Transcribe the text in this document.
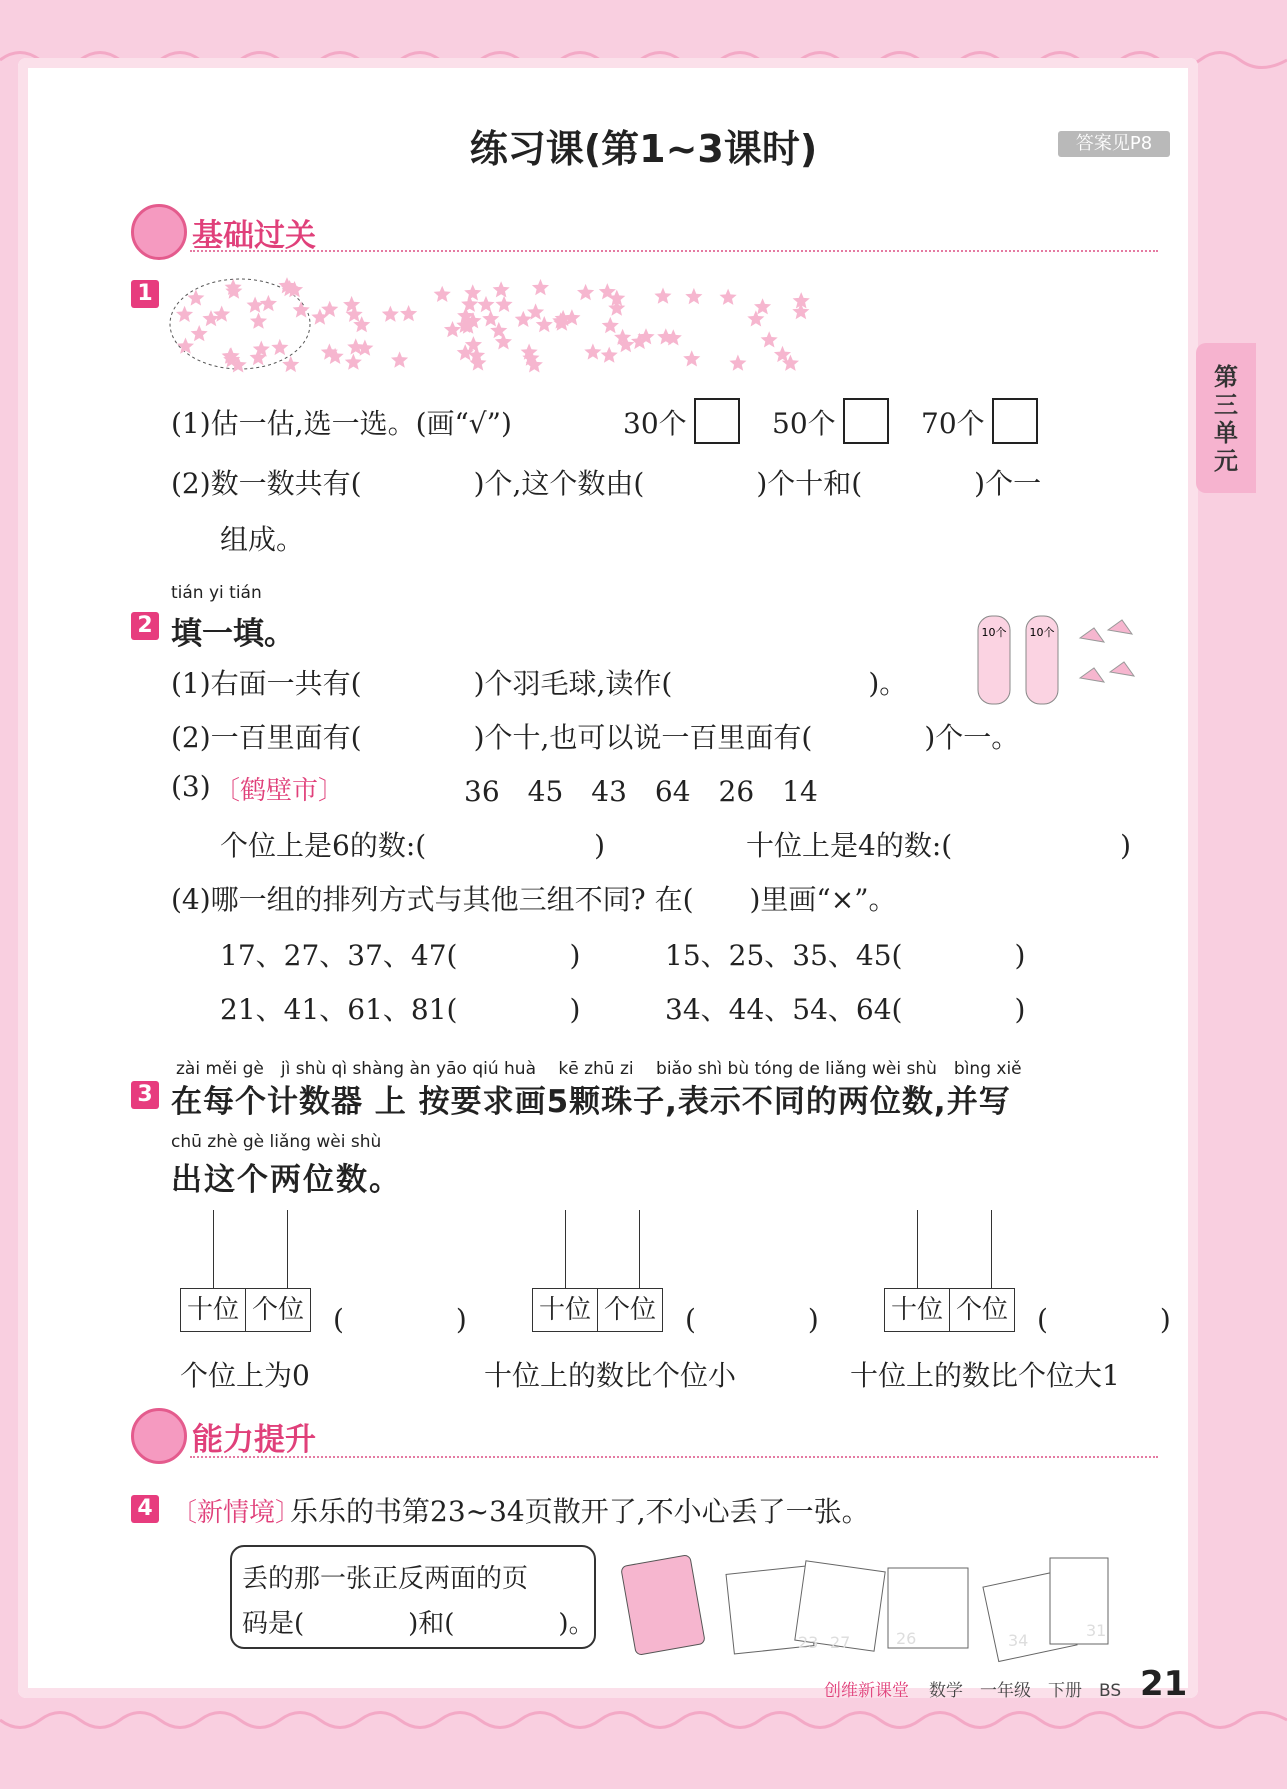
练习课(第1~3课时)	答案见P8
第三单元
基础过关
1
(1)估一估,选一选。(画“√”)	30个	50个	70个
(2)数一数共有(　　　　)个,这个数由(　　　　)个十和(　　　　)个一
组成。
tián yi tián
2 填一填。
(1)右面一共有(　　　　)个羽毛球,读作(　　　　　　　)。
10个 10个
(2)一百里面有(　　　　)个十,也可以说一百里面有(　　　　)个一。
(3) 〔鹤壁市〕	36　45　43　64　26　14
个位上是6的数:(　　　　　　)	十位上是4的数:(　　　　　　)
(4)哪一组的排列方式与其他三组不同? 在(　　)里画“×”。
17、27、37、47(　　　　)	15、25、35、45(　　　　)
21、41、61、81(　　　　)	34、44、54、64(　　　　)
zài měi gè　jì shù qì shàng àn yāo qiú huà　 kē zhū zi　 biǎo shì bù tóng de liǎng wèi shù　bìng xiě
3 在每个计数器 上 按要求画5颗珠子,表示不同的两位数,并写
chū zhè gè liǎng wèi shù
出这个两位数。
十位 个位 (　　　　)
个位上为0
十位 个位 (　　　　)
十位上的数比个位小
十位 个位 (　　　　)
十位上的数比个位大1
能力提升
4 〔新情境〕
乐乐的书第23~34页散开了,不小心丢了一张。
丢的那一张正反两面的页
码是(　　　　)和(　　　　)。
23 27	26	34
31
创维新课堂 数学　一年级　下册　BS 21
